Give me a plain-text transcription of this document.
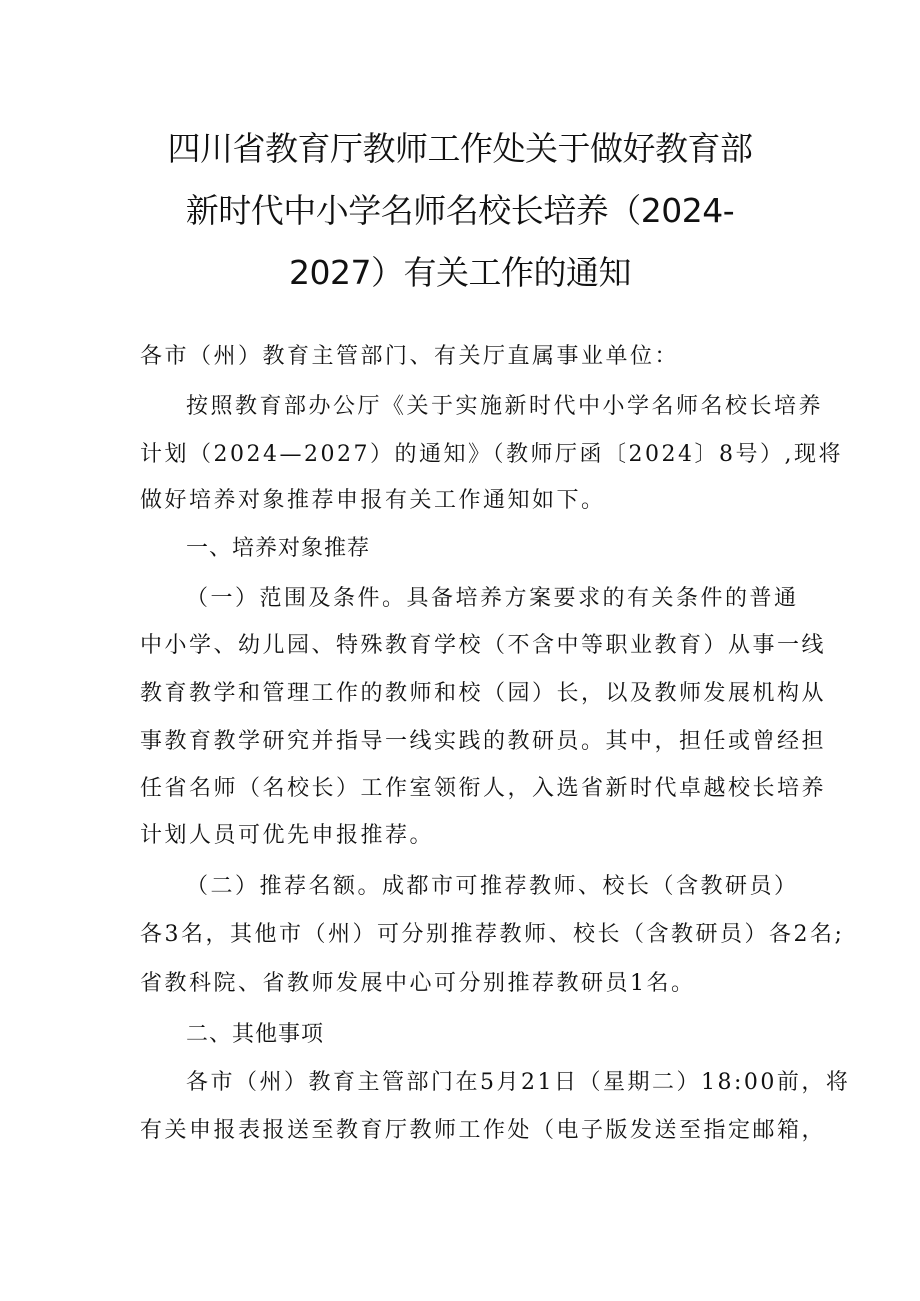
四川省教育厅教师工作处关于做好教育部
新时代中小学名师名校长培养（2024-
2027）有关工作的通知
各市（州）教育主管部门、有关厅直属事业单位：
按照教育部办公厅《关于实施新时代中小学名师名校长培养
计划（2024—2027）的通知》（教师厅函〔2024〕8号）,现将
做好培养对象推荐申报有关工作通知如下。
一、培养对象推荐
（一）范围及条件。具备培养方案要求的有关条件的普通
中小学、幼儿园、特殊教育学校（不含中等职业教育）从事一线
教育教学和管理工作的教师和校（园）长，以及教师发展机构从
事教育教学研究并指导一线实践的教研员。其中，担任或曾经担
任省名师（名校长）工作室领衔人，入选省新时代卓越校长培养
计划人员可优先申报推荐。
（二）推荐名额。成都市可推荐教师、校长（含教研员）
各3名，其他市（州）可分别推荐教师、校长（含教研员）各2名;
省教科院、省教师发展中心可分别推荐教研员1名。
二、其他事项
各市（州）教育主管部门在5月21日（星期二）18:00前，将
有关申报表报送至教育厅教师工作处（电子版发送至指定邮箱，
